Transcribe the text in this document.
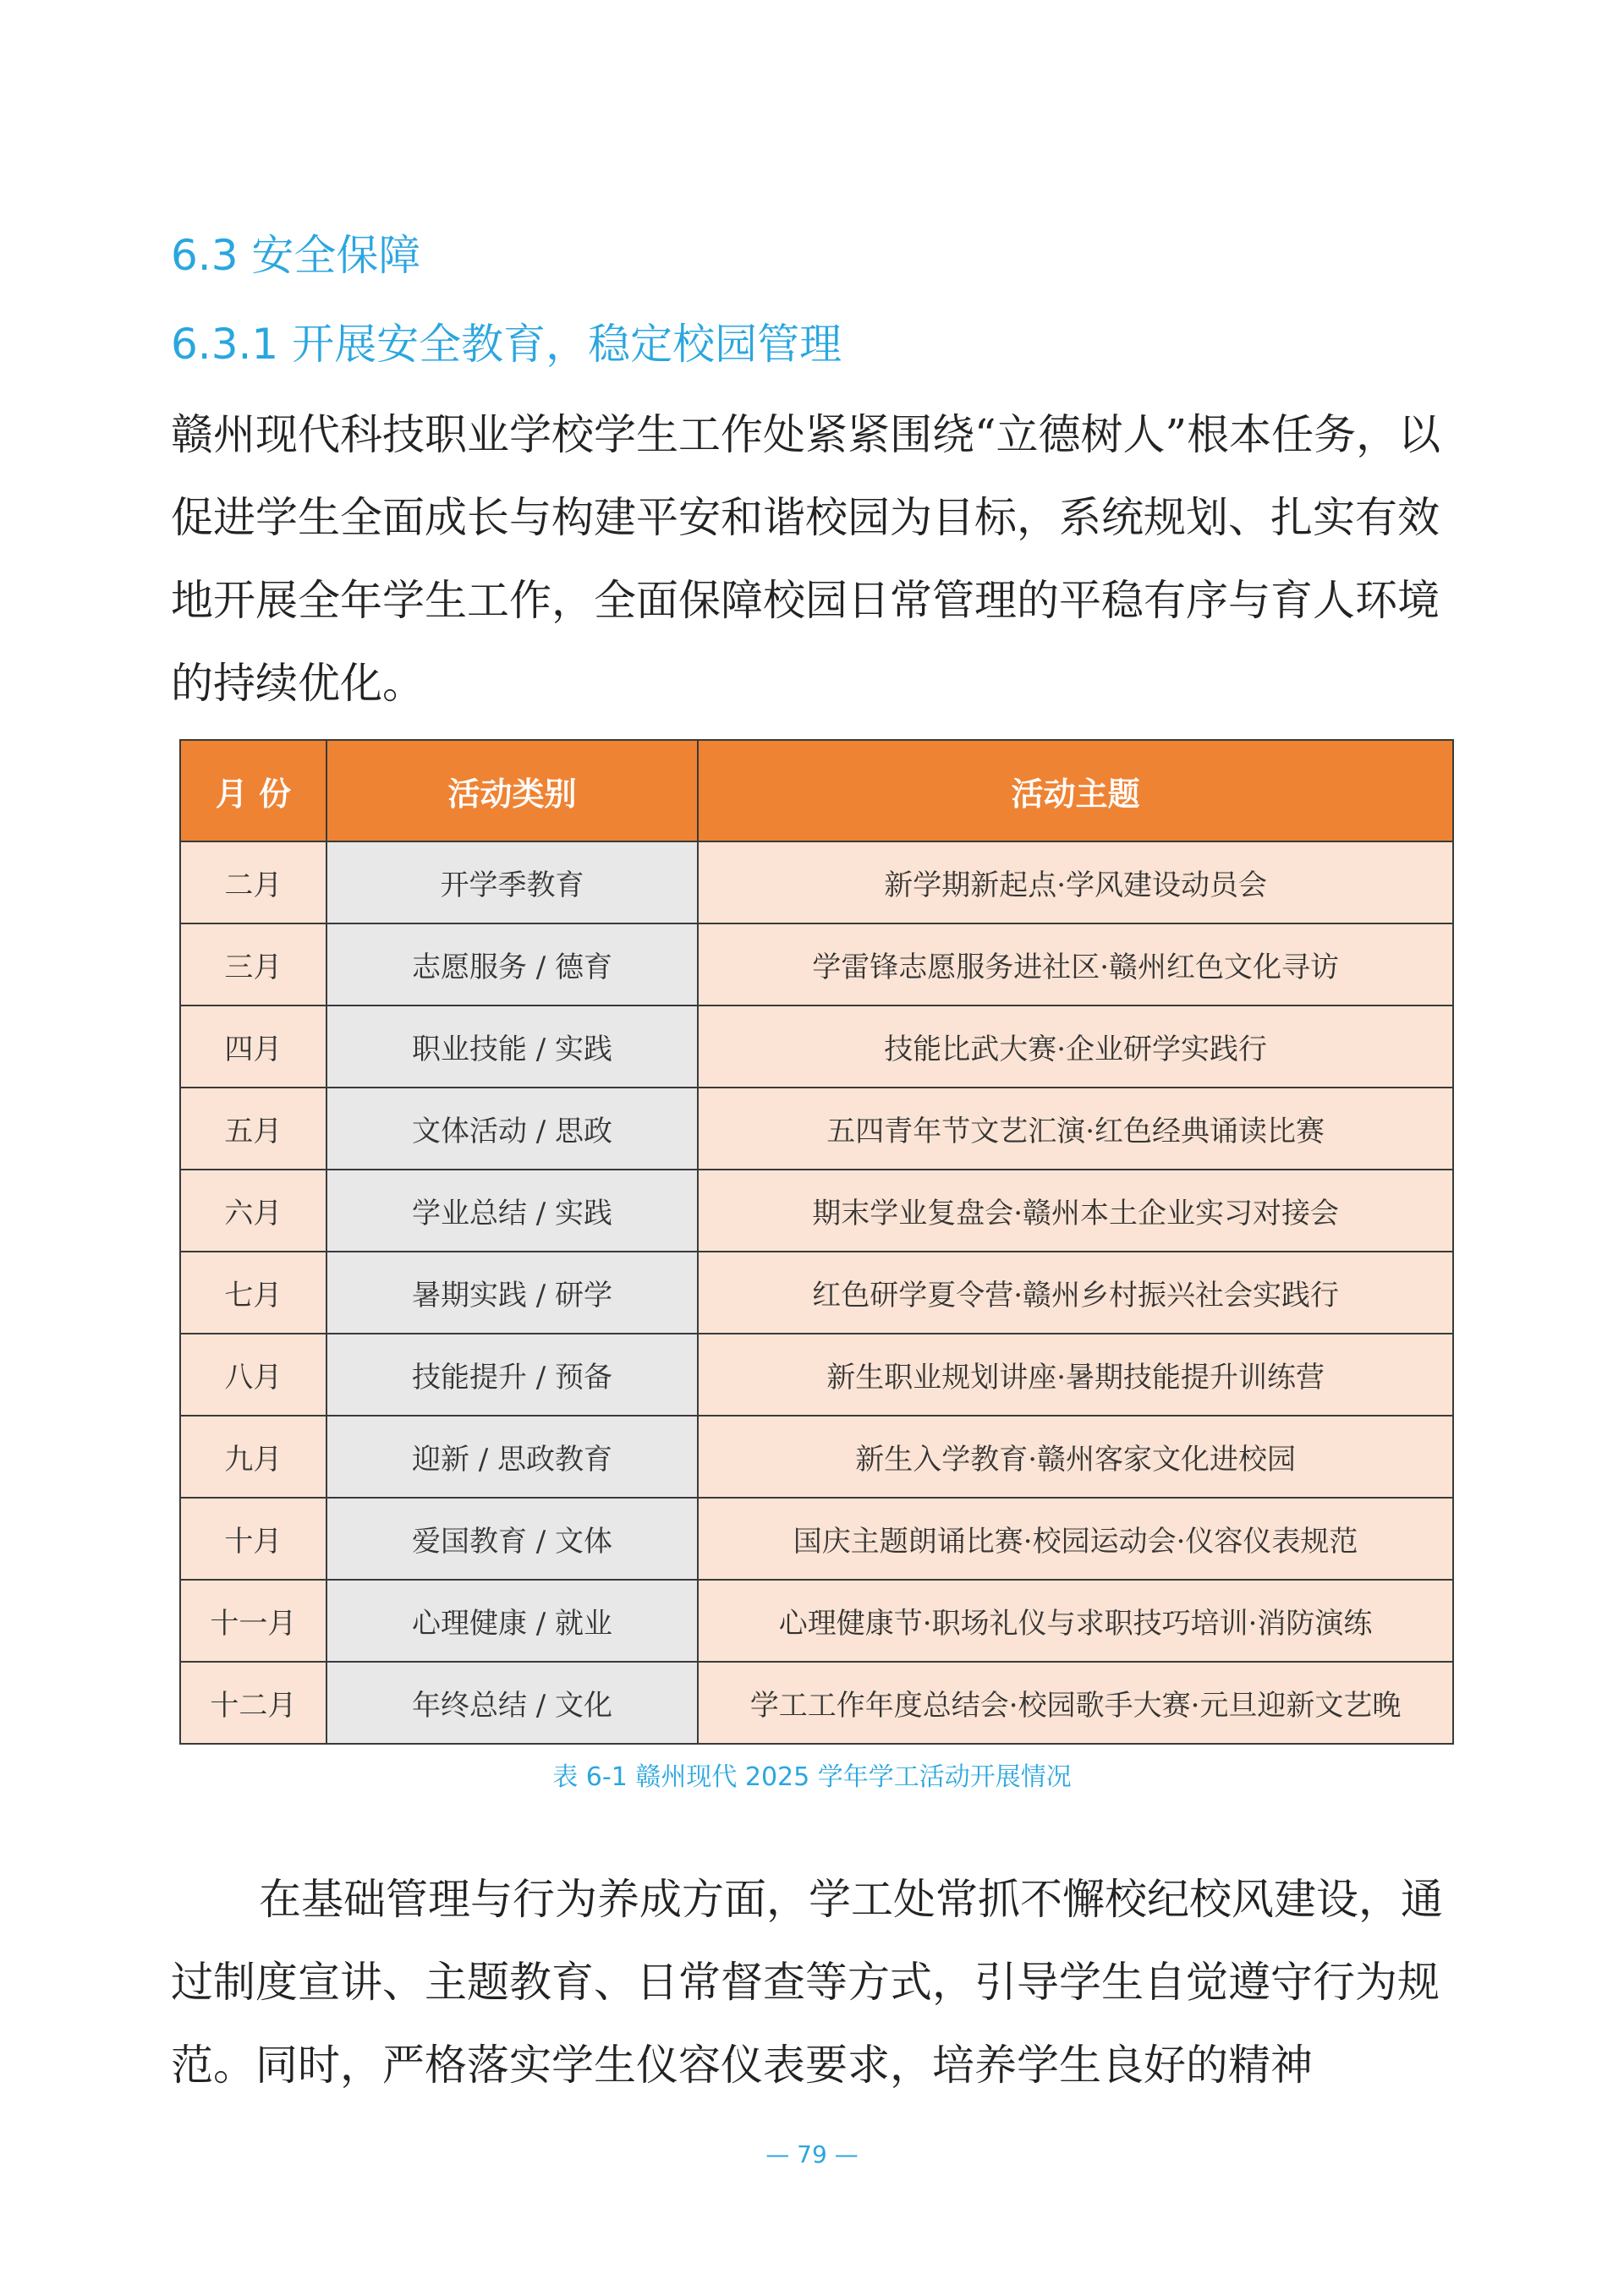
6.3 安全保障
6.3.1 开展安全教育，稳定校园管理

赣州现代科技职业学校学生工作处紧紧围绕“立德树人”根本任务，以促进学生全面成长与构建平安和谐校园为目标，系统规划、扎实有效地开展全年学生工作，全面保障校园日常管理的平稳有序与育人环境的持续优化。

月 份	活动类别	活动主题
二月	开学季教育	新学期新起点·学风建设动员会
三月	志愿服务 / 德育	学雷锋志愿服务进社区·赣州红色文化寻访
四月	职业技能 / 实践	技能比武大赛·企业研学实践行
五月	文体活动 / 思政	五四青年节文艺汇演·红色经典诵读比赛
六月	学业总结 / 实践	期末学业复盘会·赣州本土企业实习对接会
七月	暑期实践 / 研学	红色研学夏令营·赣州乡村振兴社会实践行
八月	技能提升 / 预备	新生职业规划讲座·暑期技能提升训练营
九月	迎新 / 思政教育	新生入学教育·赣州客家文化进校园
十月	爱国教育 / 文体	国庆主题朗诵比赛·校园运动会·仪容仪表规范
十一月	心理健康 / 就业	心理健康节·职场礼仪与求职技巧培训·消防演练
十二月	年终总结 / 文化	学工工作年度总结会·校园歌手大赛·元旦迎新文艺晚
表 6-1 赣州现代 2025 学年学工活动开展情况

在基础管理与行为养成方面，学工处常抓不懈校纪校风建设，通过制度宣讲、主题教育、日常督查等方式，引导学生自觉遵守行为规范。同时，严格落实学生仪容仪表要求，培养学生良好的精神

— 79 —
